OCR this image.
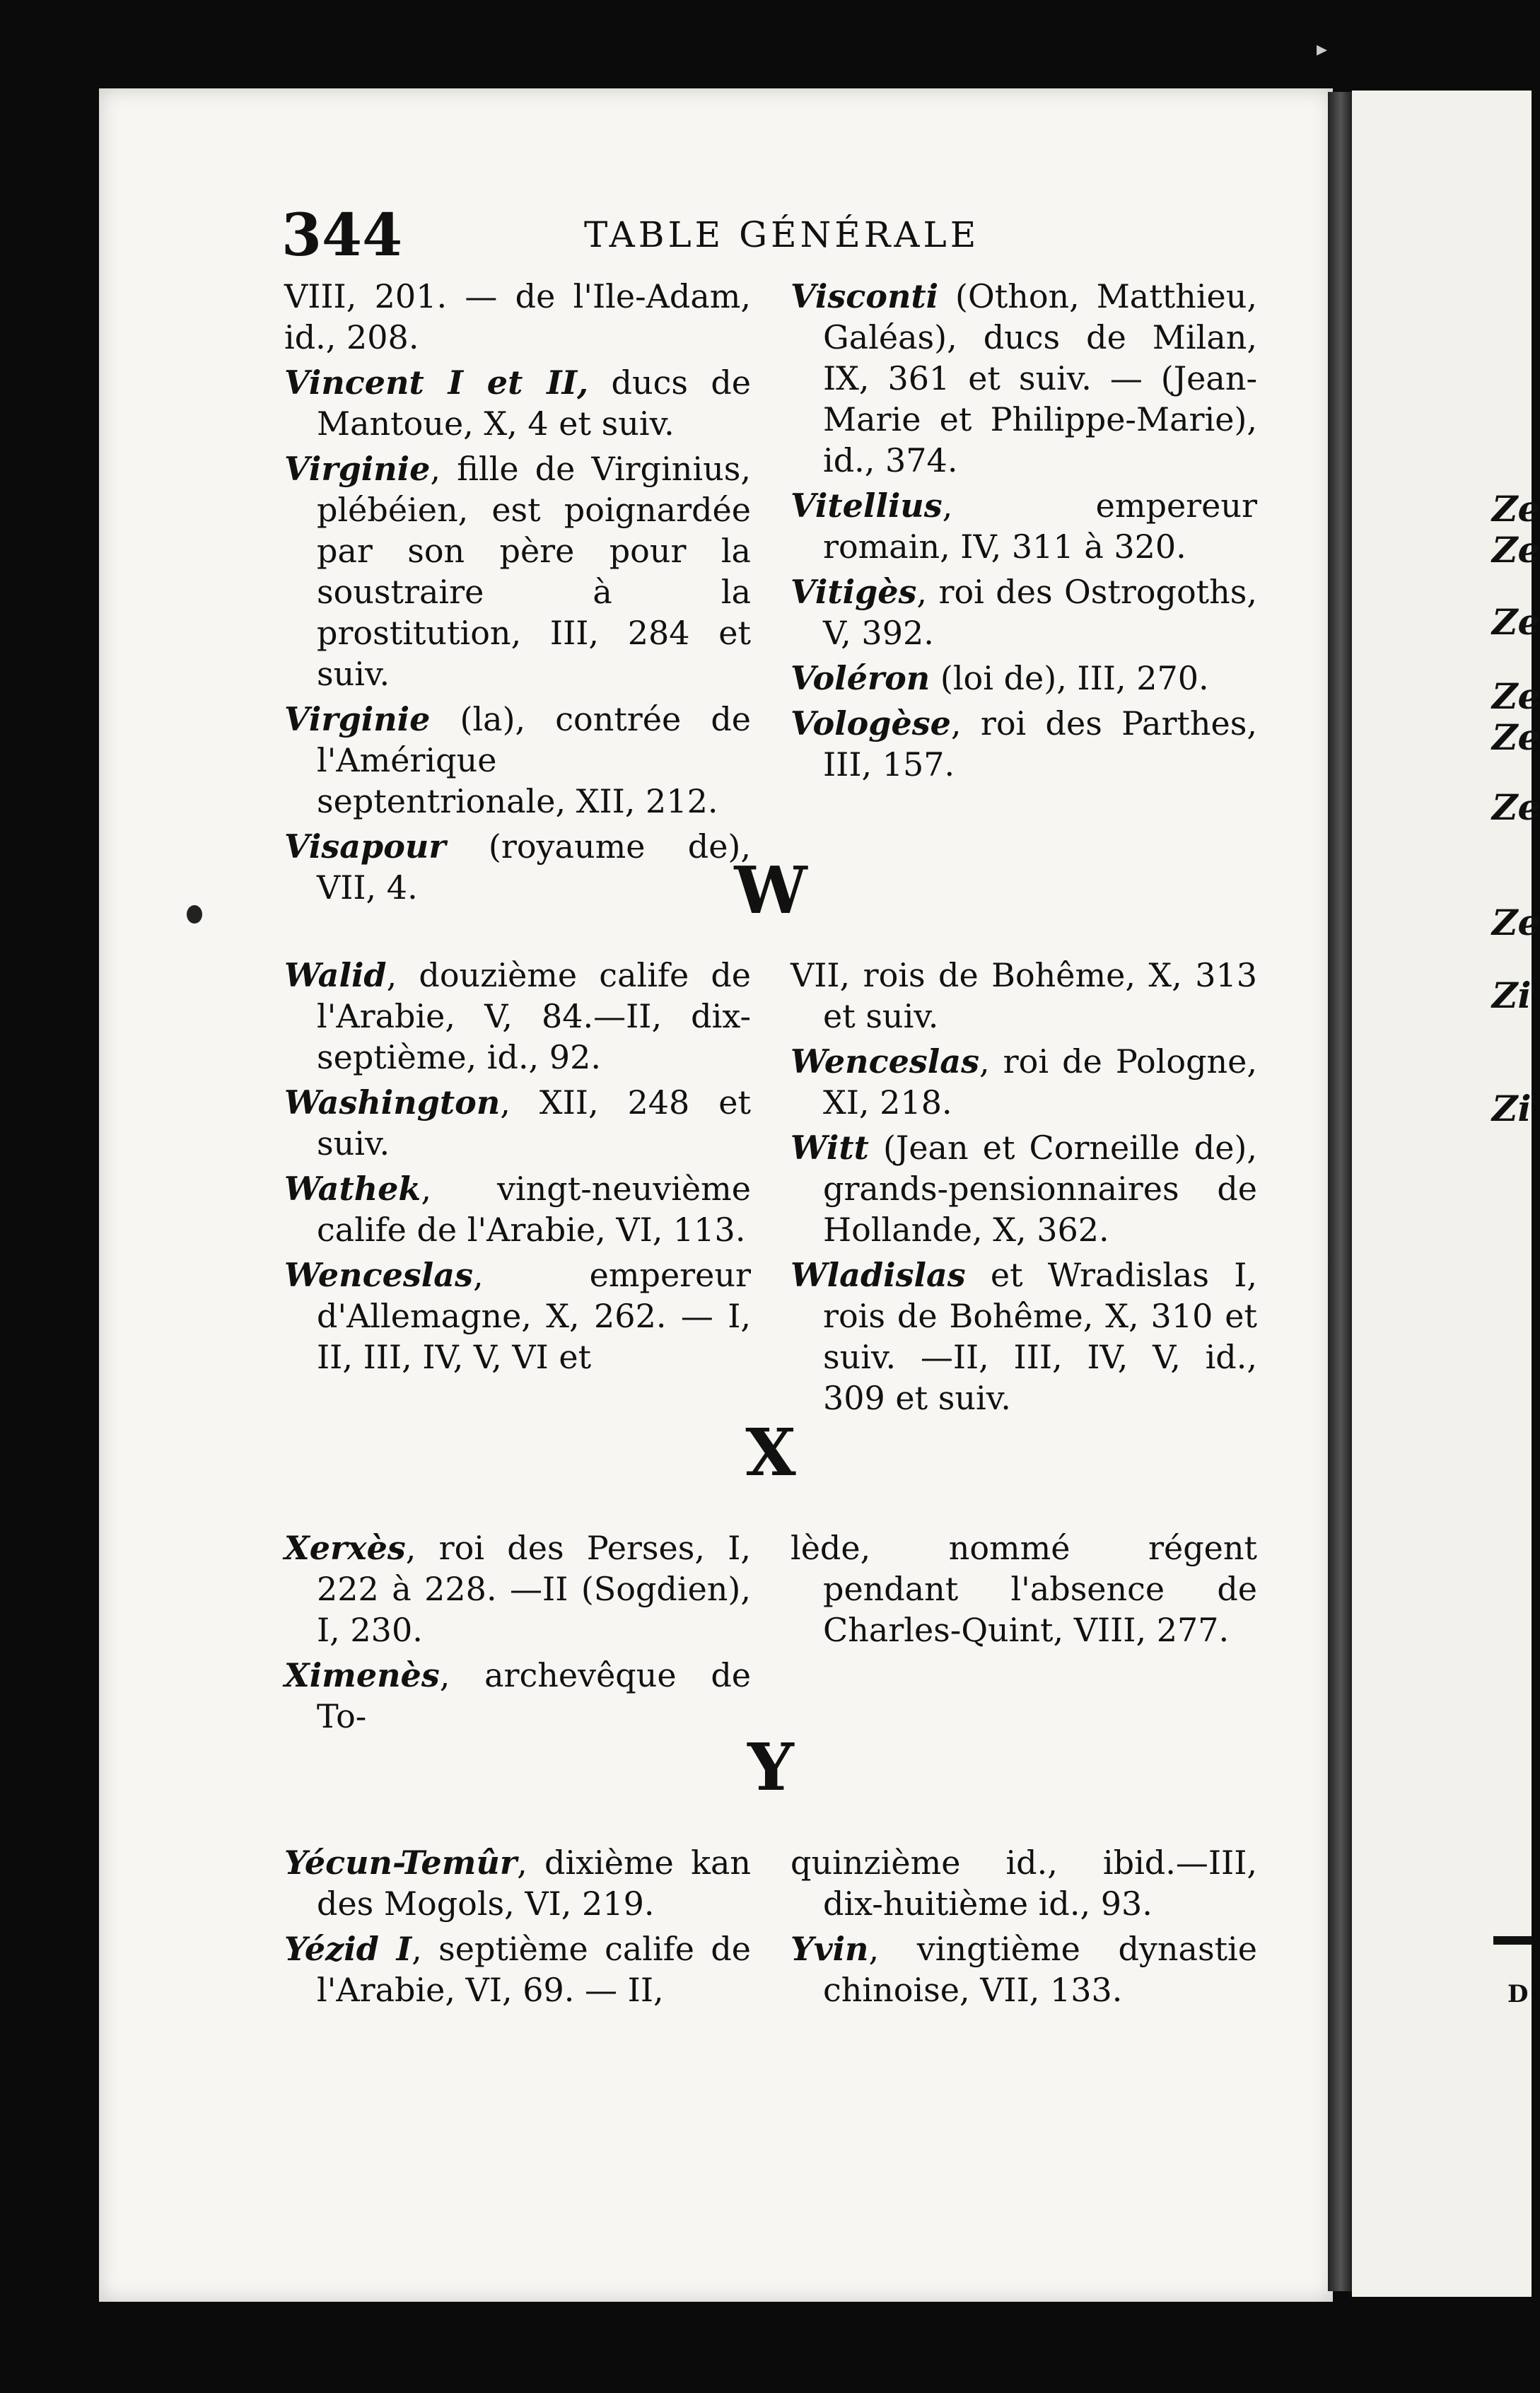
▸
344	TABLE GÉNÉRALE

VIII, 201. — de l'Ile-Adam, id., 208.

Vincent I et II, ducs de Mantoue, X, 4 et suiv.

Virginie, fille de Virginius, plébéien, est poignardée par son père pour la soustraire à la prostitution, III, 284 et suiv.

Virginie (la), contrée de l'Amérique septentrionale, XII, 212.

Visapour (royaume de), VII, 4.

Visconti (Othon, Matthieu, Galéas), ducs de Milan, IX, 361 et suiv. — (Jean-Marie et Philippe-Marie), id., 374.

Vitellius, empereur romain, IV, 311 à 320.

Vitigès, roi des Ostrogoths, V, 392.

Voléron (loi de), III, 270.

Vologèse, roi des Parthes, III, 157.

W

Walid, douzième calife de l'Arabie, V, 84.—II, dix-septième, id., 92.

Washington, XII, 248 et suiv.

Wathek, vingt-neuvième calife de l'Arabie, VI, 113.

Wenceslas, empereur d'Allemagne, X, 262. — I, II, III, IV, V, VI et

VII, rois de Bohême, X, 313 et suiv.

Wenceslas, roi de Pologne, XI, 218.

Witt (Jean et Corneille de), grands-pensionnaires de Hollande, X, 362.

Wladislas et Wradislas I, rois de Bohême, X, 310 et suiv. —II, III, IV, V, id., 309 et suiv.

X

Xerxès, roi des Perses, I, 222 à 228. —II (Sogdien), I, 230.

Ximenès, archevêque de To-

lède, nommé régent pendant l'absence de Charles-Quint, VIII, 277.

Y

Yécun-Temûr, dixième kan des Mogols, VI, 219.

Yézid I, septième calife de l'Arabie, VI, 69. — II,

quinzième id., ibid.—III, dix-huitième id., 93.

Yvin, vingtième dynastie chinoise, VII, 133.

Ze
Ze
Ze
Ze
Ze
Ze
Ze
Zi
Zi
D
